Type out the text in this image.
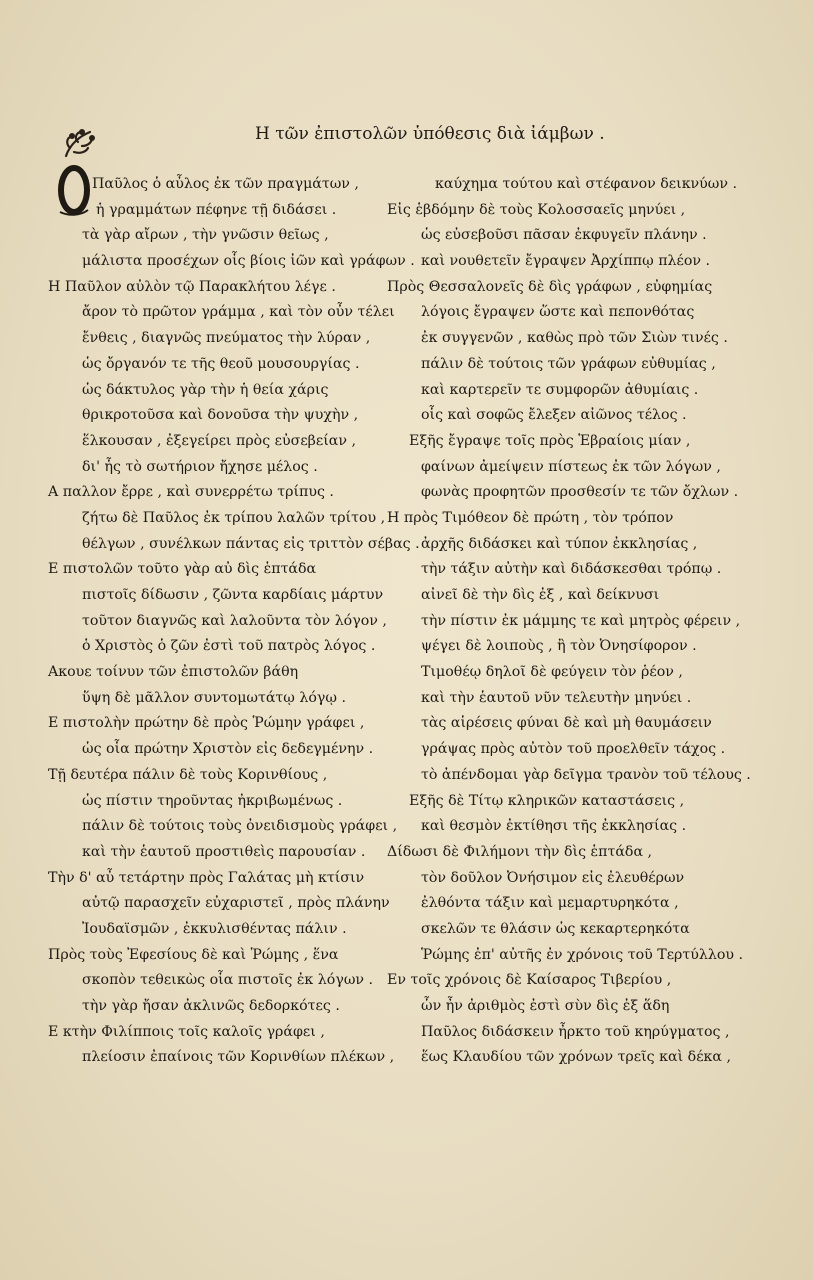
Η τῶν ἐπιστολῶν ὑπόθεσις διὰ ἰάμβων .
Παῦλος ὁ αὖλος ἐκ τῶν πραγμάτων ,
ἡ γραμμάτων πέφηνε τῇ διδάσει .
τὰ γὰρ αἴρων , τὴν γνῶσιν θεῖως ,
μάλιστα προσέχων οἷς βίοις ἰῶν καὶ γράφων .
Η Παῦλον αὐλὸν τῷ Παρακλήτου λέγε .
ἄρον τὸ πρῶτον γράμμα , καὶ τὸν οὖν τέλει
ἔνθεις , διαγνῶς πνεύματος τὴν λύραν ,
ὡς ὄργανόν τε τῆς θεοῦ μουσουργίας .
ὡς δάκτυλος γὰρ τὴν ἡ θεία χάρις
θρικροτοῦσα καὶ δονοῦσα τὴν ψυχὴν ,
ἕλκουσαν , ἐξεγείρει πρὸς εὐσεβείαν ,
δι' ἧς τὸ σωτήριον ἤχησε μέλος .
Α παλλον ἔρρε , καὶ συνερρέτω τρίπυς .
ζήτω δὲ Παῦλος ἐκ τρίπου λαλῶν τρίτου ,
θέλγων , συνέλκων πάντας εἰς τριττὸν σέβας .
Ε πιστολῶν τοῦτο γὰρ αὐ δὶς ἑπτάδα
πιστοῖς δίδωσιν , ζῶντα καρδίαις μάρτυν
τοῦτον διαγνῶς καὶ λαλοῦντα τὸν λόγον ,
ὁ Χριστὸς ὁ ζῶν ἐστὶ τοῦ πατρὸς λόγος .
Ακουε τοίνυν τῶν ἐπιστολῶν βάθη
ὕψη δὲ μᾶλλον συντομωτάτῳ λόγῳ .
Ε πιστολὴν πρώτην δὲ πρὸς Ῥώμην γράφει ,
ὡς οἷα πρώτην Χριστὸν εἰς δεδεγμένην .
Τῇ δευτέρα πάλιν δὲ τοὺς Κορινθίους ,
ὡς πίστιν τηροῦντας ἠκριβωμένως .
πάλιν δὲ τούτοις τοὺς ὀνειδισμοὺς γράφει ,
καὶ τὴν ἑαυτοῦ προστιθεὶς παρουσίαν .
Τὴν δ' αὖ τετάρτην πρὸς Γαλάτας μὴ κτίσιν
αὐτῷ παρασχεῖν εὐχαριστεῖ , πρὸς πλάνην
Ἰουδαϊσμῶν , ἐκκυλισθέντας πάλιν .
Πρὸς τοὺς Ἐφεσίους δὲ καὶ Ῥώμης , ἕνα
σκοπὸν τεθεικὼς οἷα πιστοῖς ἐκ λόγων .
τὴν γὰρ ἤσαν ἀκλινῶς δεδορκότες .
Ε κτὴν Φιλίπποις τοῖς καλοῖς γράφει ,
πλείοσιν ἐπαίνοις τῶν Κορινθίων πλέκων ,
καύχημα τούτου καὶ στέφανον δεικνύων .
Εἰς ἑβδόμην δὲ τοὺς Κολοσσαεῖς μηνύει ,
ὡς εὐσεβοῦσι πᾶσαν ἐκφυγεῖν πλάνην .
καὶ νουθετεῖν ἔγραψεν Ἀρχίππῳ πλέον .
Πρὸς Θεσσαλονεῖς δὲ δὶς γράφων , εὐφημίας
λόγοις ἔγραψεν ὥστε καὶ πεπονθότας
ἐκ συγγενῶν , καθὼς πρὸ τῶν Σιὼν τινές .
πάλιν δὲ τούτοις τῶν γράφων εὐθυμίας ,
καὶ καρτερεῖν τε συμφορῶν ἀθυμίαις .
οἷς καὶ σοφῶς ἔλεξεν αἰῶνος τέλος .
Εξῆς ἔγραψε τοῖς πρὸς Ἑβραίοις μίαν ,
φαίνων ἀμείψειν πίστεως ἐκ τῶν λόγων ,
φωνὰς προφητῶν προσθεσίν τε τῶν ὄχλων .
Η πρὸς Τιμόθεον δὲ πρώτη , τὸν τρόπον
ἀρχῆς διδάσκει καὶ τύπον ἐκκλησίας ,
τὴν τάξιν αὐτὴν καὶ διδάσκεσθαι τρόπῳ .
αἰνεῖ δὲ τὴν δὶς ἐξ , καὶ δείκνυσι
τὴν πίστιν ἐκ μάμμης τε καὶ μητρὸς φέρειν ,
ψέγει δὲ λοιποὺς , ἢ τὸν Ὀνησίφορον .
Τιμοθέῳ δηλοῖ δὲ φεύγειν τὸν ῥέον ,
καὶ τὴν ἑαυτοῦ νῦν τελευτὴν μηνύει .
τὰς αἱρέσεις φύναι δὲ καὶ μὴ θαυμάσειν
γράψας πρὸς αὐτὸν τοῦ προελθεῖν τάχος .
τὸ ἀπένδομαι γὰρ δεῖγμα τρανὸν τοῦ τέλους .
Εξῆς δὲ Τίτῳ κληρικῶν καταστάσεις ,
καὶ θεσμὸν ἐκτίθησι τῆς ἐκκλησίας .
Δίδωσι δὲ Φιλήμονι τὴν δὶς ἑπτάδα ,
τὸν δοῦλον Ὀνήσιμον εἰς ἐλευθέρων
ἐλθόντα τάξιν καὶ μεμαρτυρηκότα ,
σκελῶν τε θλάσιν ὡς κεκαρτερηκότα
Ῥώμης ἐπ' αὐτῆς ἐν χρόνοις τοῦ Τερτύλλου .
Εν τοῖς χρόνοις δὲ Καίσαρος Τιβερίου ,
ὧν ἦν ἀριθμὸς ἐστὶ σὺν δὶς ἐξ ἅδη
Παῦλος διδάσκειν ἦρκτο τοῦ κηρύγματος ,
ἕως Κλαυδίου τῶν χρόνων τρεῖς καὶ δέκα ,
